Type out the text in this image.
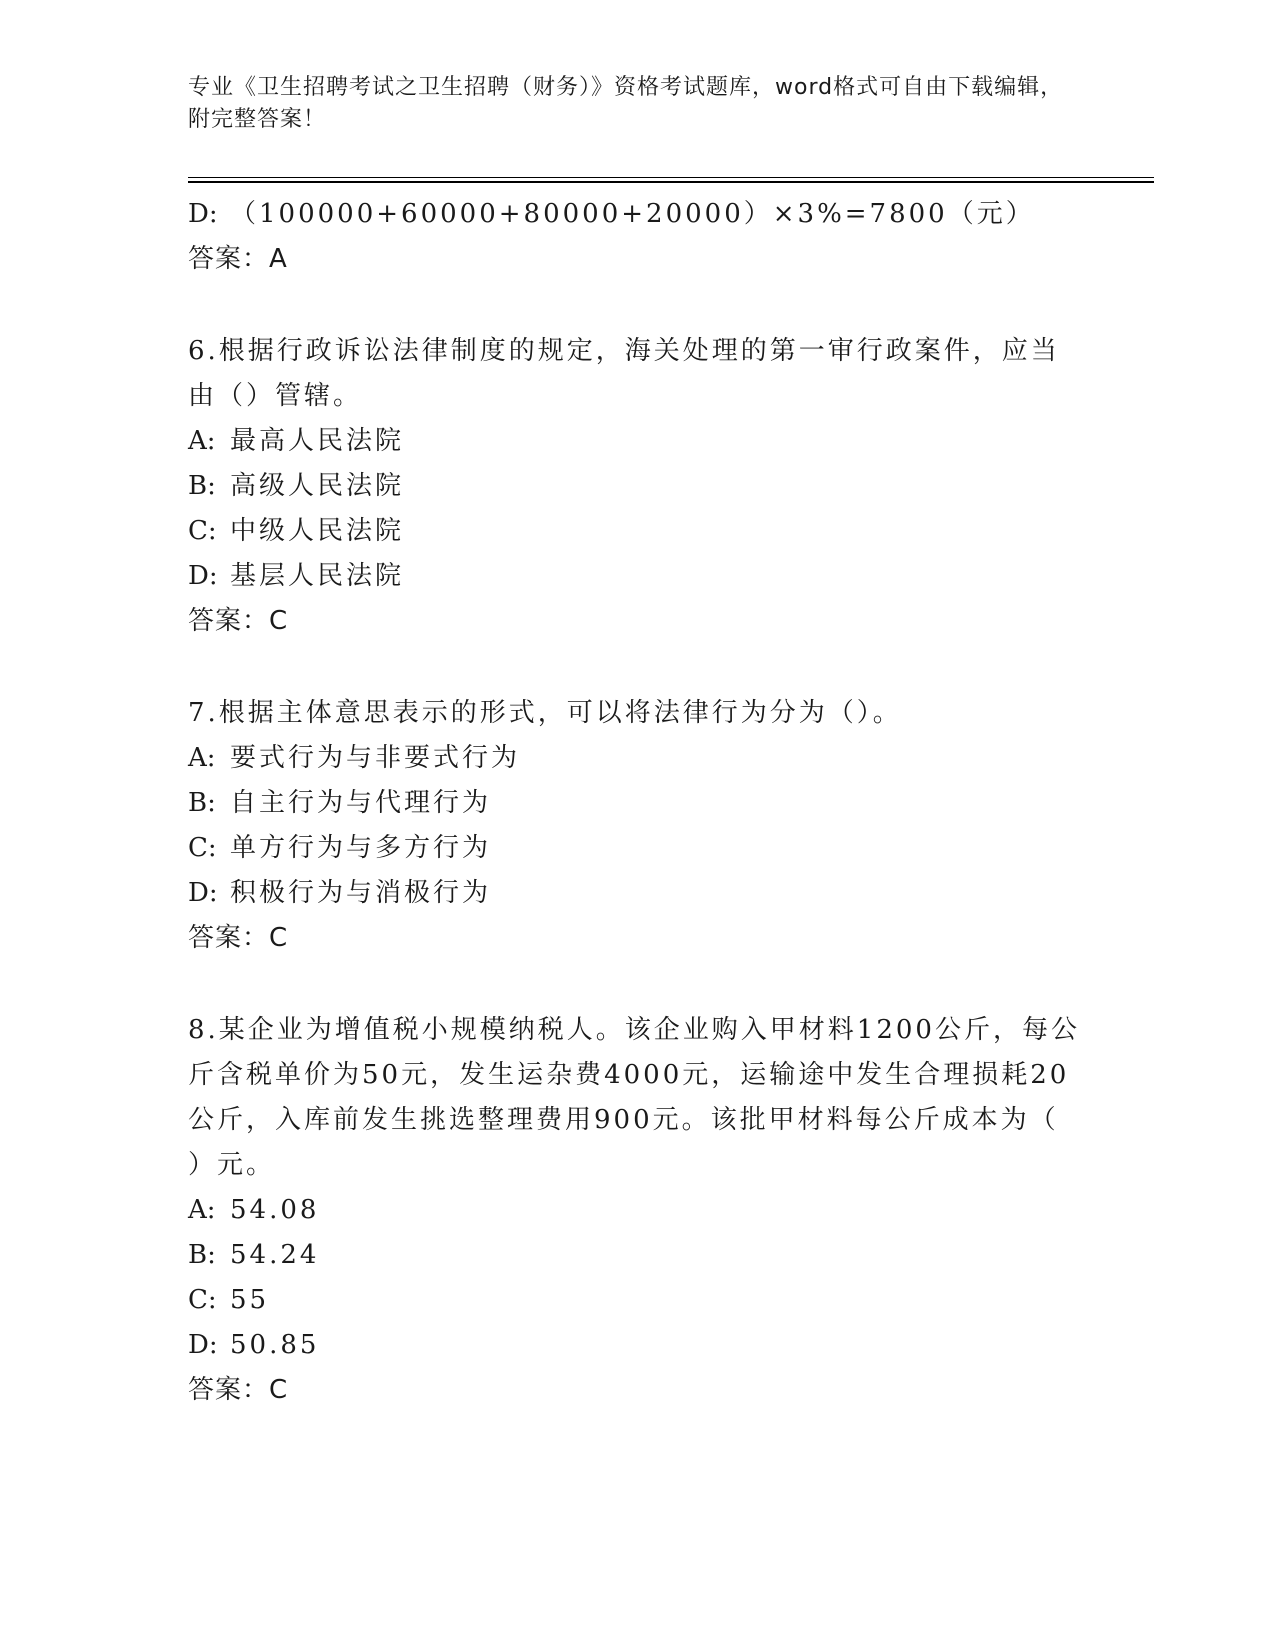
专业《卫生招聘考试之卫生招聘（财务）》资格考试题库，word格式可自由下载编辑，附完整答案！
D: （100000+60000+80000+20000）×3%=7800（元）
答案：A
6.根据行政诉讼法律制度的规定，海关处理的第一审行政案件，应当
由（）管辖。
A: 最高人民法院
B: 高级人民法院
C: 中级人民法院
D: 基层人民法院
答案：C
7.根据主体意思表示的形式，可以将法律行为分为（）。
A: 要式行为与非要式行为
B: 自主行为与代理行为
C: 单方行为与多方行为
D: 积极行为与消极行为
答案：C
8.某企业为增值税小规模纳税人。该企业购入甲材料1200公斤，每公
斤含税单价为50元，发生运杂费4000元，运输途中发生合理损耗20
公斤，入库前发生挑选整理费用900元。该批甲材料每公斤成本为（
）元。
A: 54.08
B: 54.24
C: 55
D: 50.85
答案：C
